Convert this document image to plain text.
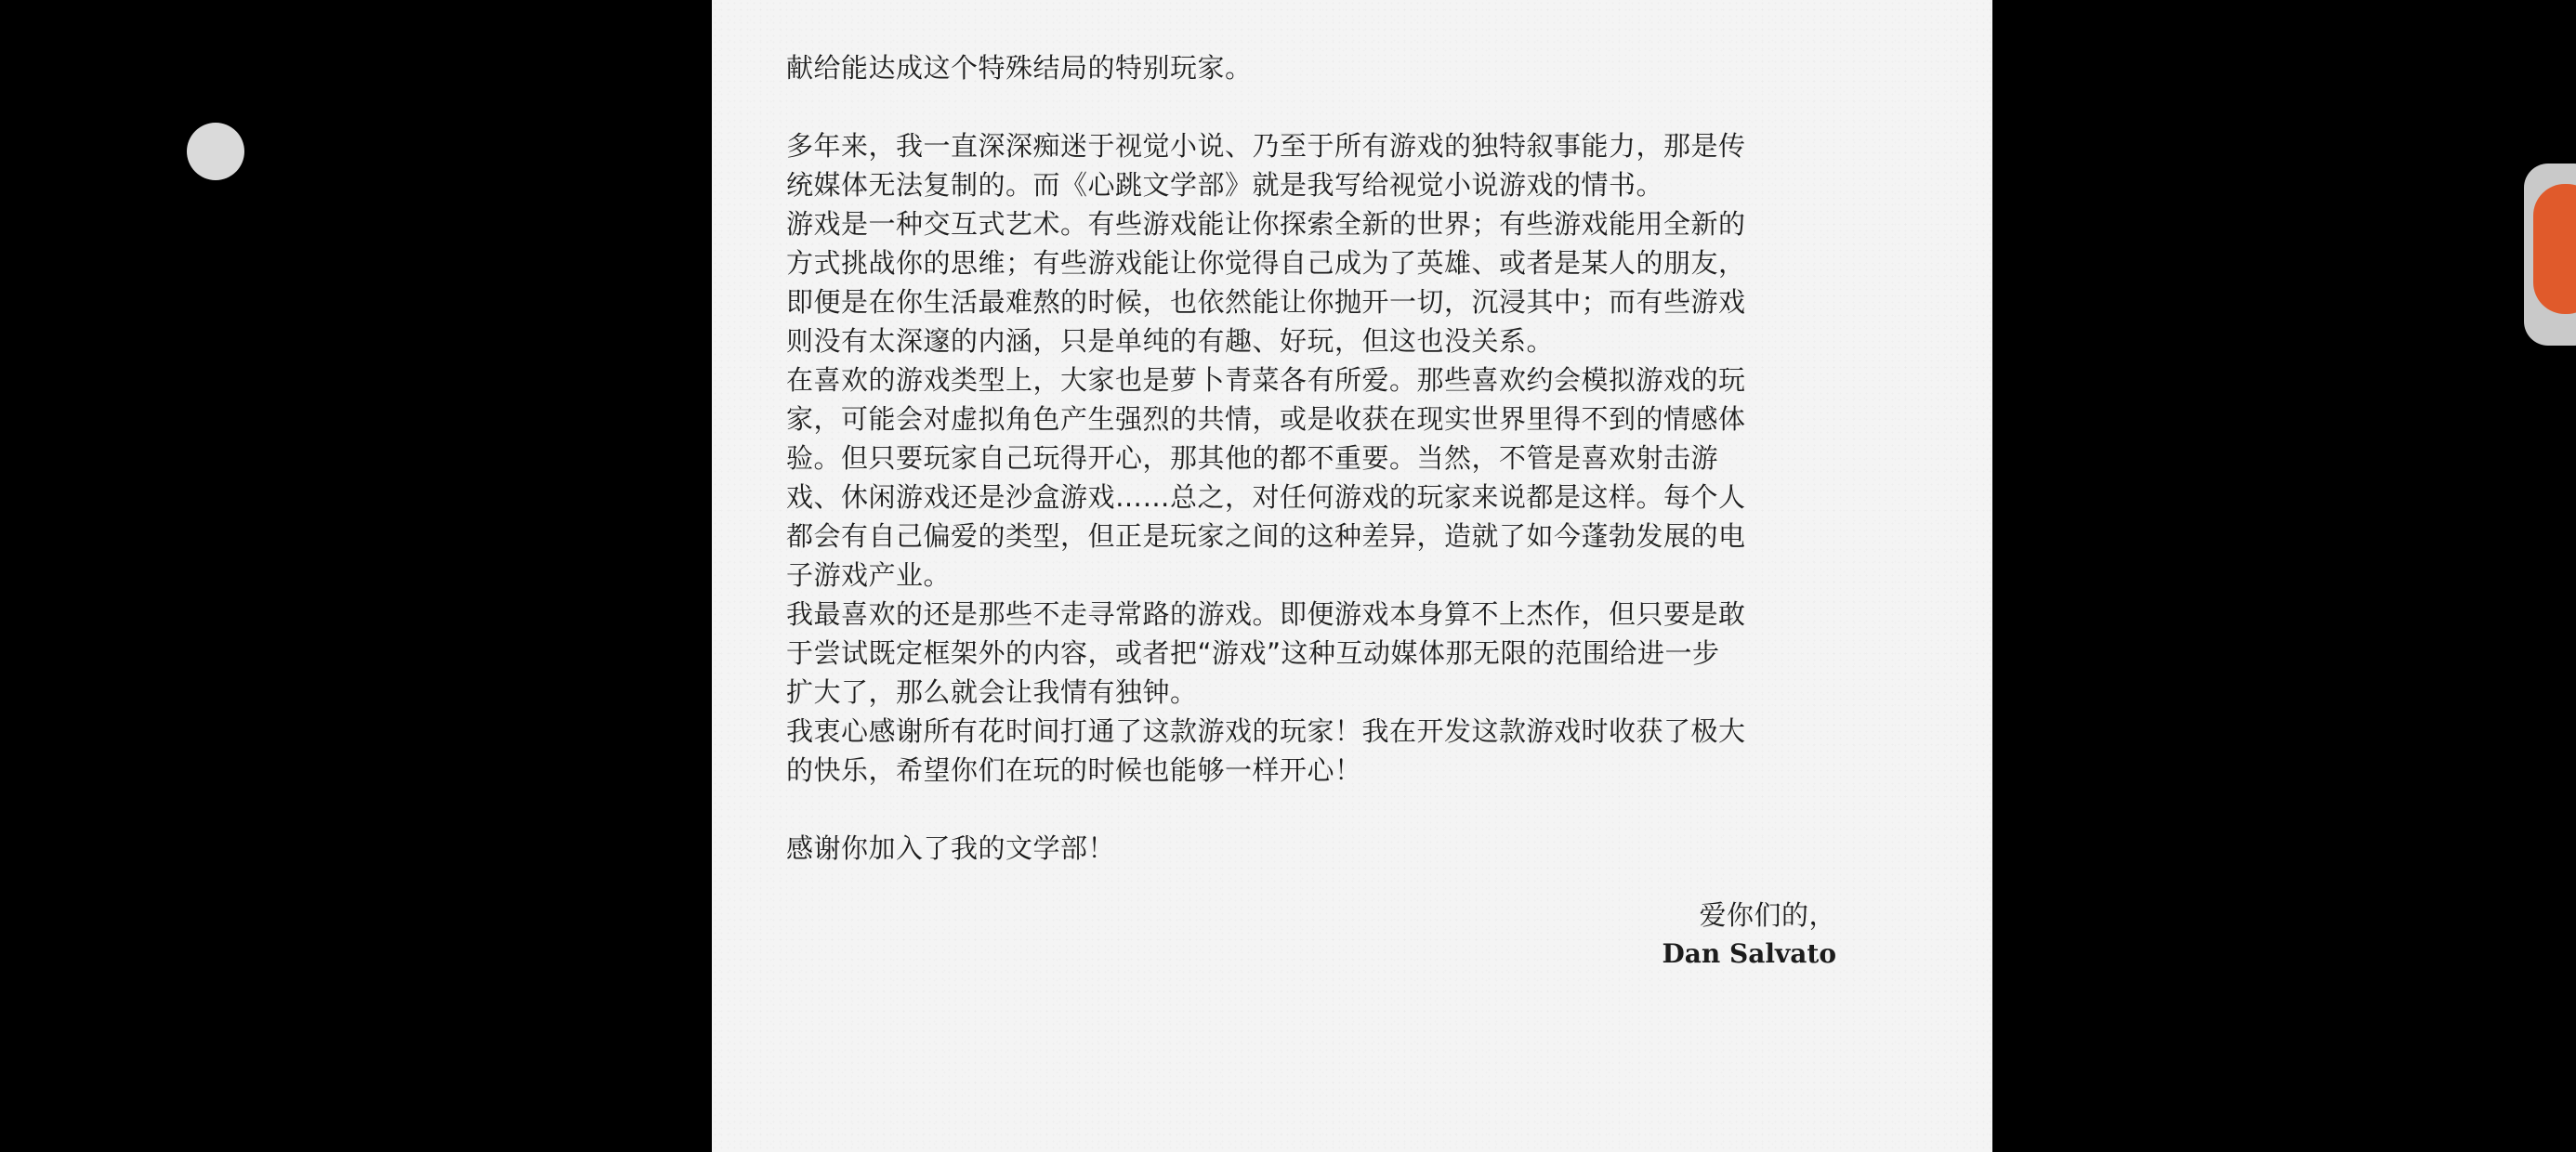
献给能达成这个特殊结局的特别玩家。
多年来，我一直深深痴迷于视觉小说、乃至于所有游戏的独特叙事能力，那是传
统媒体无法复制的。而《心跳文学部》就是我写给视觉小说游戏的情书。
游戏是一种交互式艺术。有些游戏能让你探索全新的世界；有些游戏能用全新的
方式挑战你的思维；有些游戏能让你觉得自己成为了英雄、或者是某人的朋友，
即便是在你生活最难熬的时候，也依然能让你抛开一切，沉浸其中；而有些游戏
则没有太深邃的内涵，只是单纯的有趣、好玩，但这也没关系。
在喜欢的游戏类型上，大家也是萝卜青菜各有所爱。那些喜欢约会模拟游戏的玩
家，可能会对虚拟角色产生强烈的共情，或是收获在现实世界里得不到的情感体
验。但只要玩家自己玩得开心，那其他的都不重要。当然，不管是喜欢射击游
戏、休闲游戏还是沙盒游戏……总之，对任何游戏的玩家来说都是这样。每个人
都会有自己偏爱的类型，但正是玩家之间的这种差异，造就了如今蓬勃发展的电
子游戏产业。
我最喜欢的还是那些不走寻常路的游戏。即便游戏本身算不上杰作，但只要是敢
于尝试既定框架外的内容，或者把“游戏”这种互动媒体那无限的范围给进一步
扩大了，那么就会让我情有独钟。
我衷心感谢所有花时间打通了这款游戏的玩家！我在开发这款游戏时收获了极大
的快乐，希望你们在玩的时候也能够一样开心！
感谢你加入了我的文学部！
爱你们的，
Dan Salvato
